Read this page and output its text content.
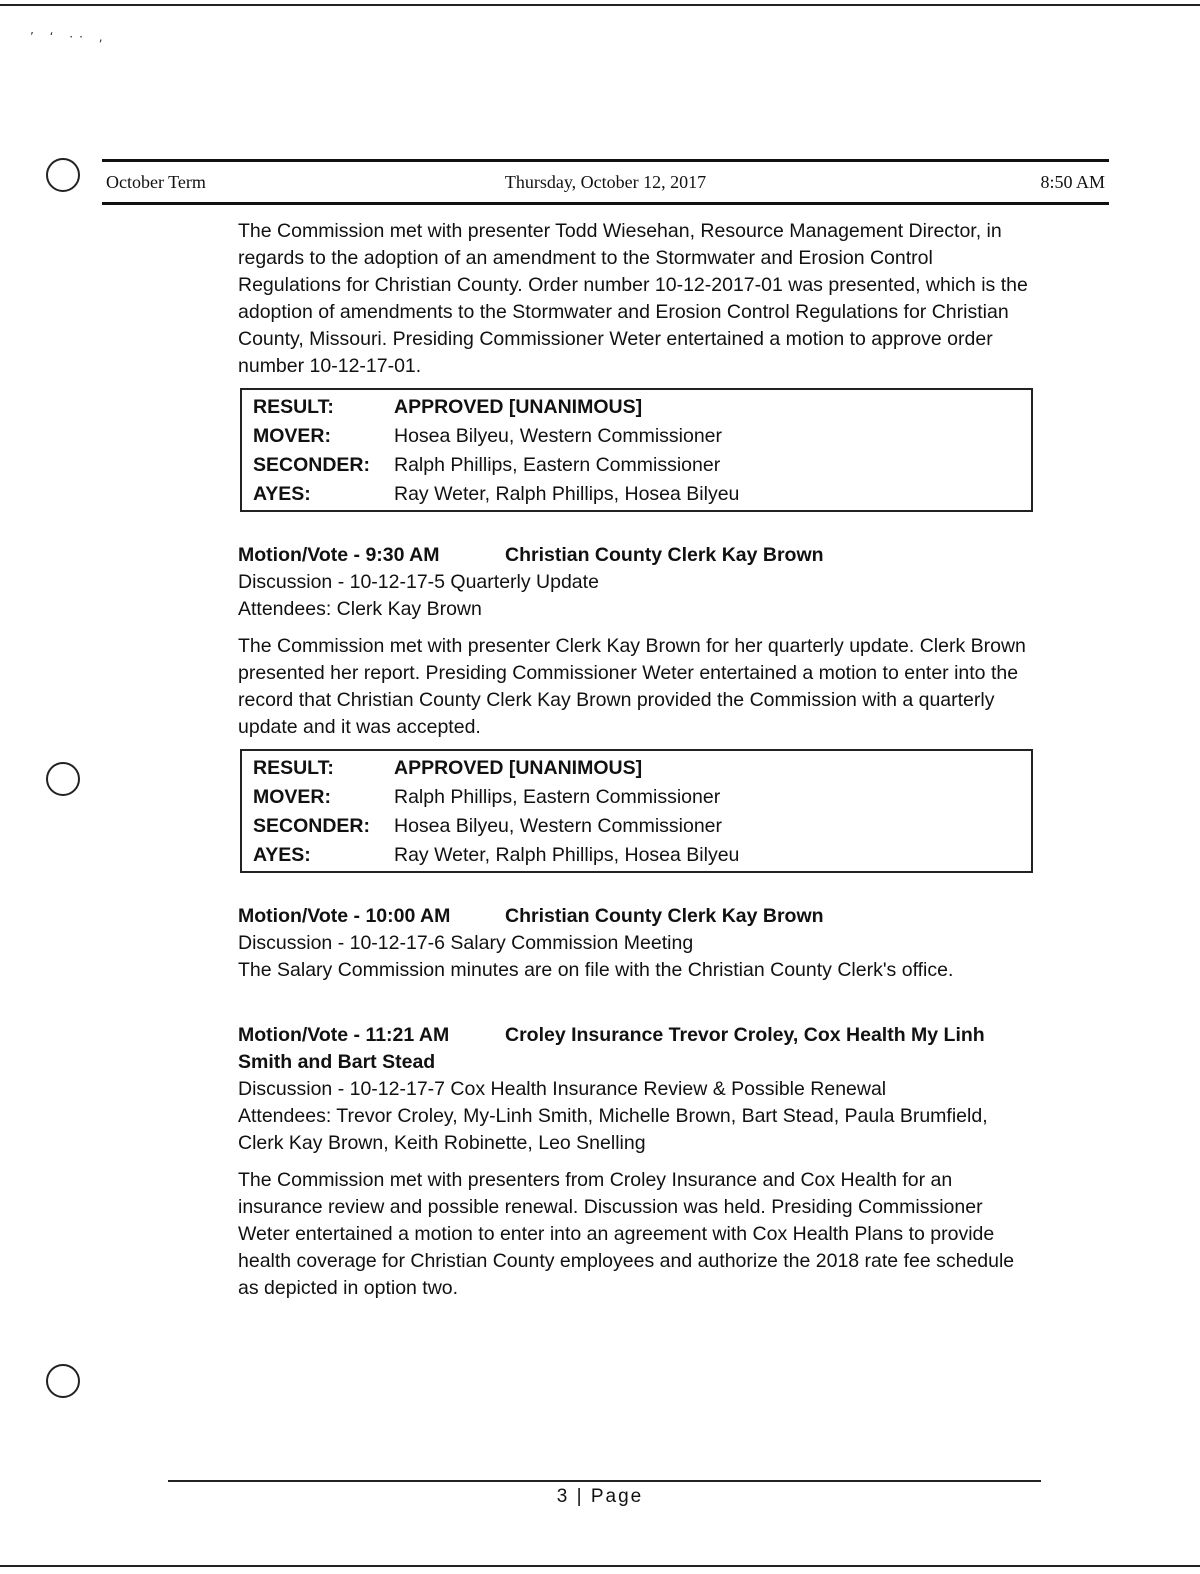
’ ‘ ·· ,
October Term	Thursday, October 12, 2017	8:50 AM

The Commission met with presenter Todd Wiesehan, Resource Management Director, in regards to the adoption of an amendment to the Stormwater and Erosion Control Regulations for Christian County. Order number 10-12-2017-01 was presented, which is the adoption of amendments to the Stormwater and Erosion Control Regulations for Christian County, Missouri. Presiding Commissioner Weter entertained a motion to approve order number 10-12-17-01.

RESULT:	APPROVED [UNANIMOUS]
MOVER:	Hosea Bilyeu, Western Commissioner
SECONDER:	Ralph Phillips, Eastern Commissioner
AYES:	Ray Weter, Ralph Phillips, Hosea Bilyeu

Motion/Vote - 9:30 AM	Christian County Clerk Kay Brown

Discussion - 10-12-17-5 Quarterly Update

Attendees: Clerk Kay Brown

The Commission met with presenter Clerk Kay Brown for her quarterly update. Clerk Brown presented her report. Presiding Commissioner Weter entertained a motion to enter into the record that Christian County Clerk Kay Brown provided the Commission with a quarterly update and it was accepted.

RESULT:	APPROVED [UNANIMOUS]
MOVER:	Ralph Phillips, Eastern Commissioner
SECONDER:	Hosea Bilyeu, Western Commissioner
AYES:	Ray Weter, Ralph Phillips, Hosea Bilyeu

Motion/Vote - 10:00 AM	Christian County Clerk Kay Brown

Discussion - 10-12-17-6 Salary Commission Meeting

The Salary Commission minutes are on file with the Christian County Clerk's office.

Motion/Vote - 11:21 AM	Croley Insurance Trevor Croley, Cox Health My Linh Smith and Bart Stead

Discussion - 10-12-17-7 Cox Health Insurance Review & Possible Renewal

Attendees: Trevor Croley, My-Linh Smith, Michelle Brown, Bart Stead, Paula Brumfield, Clerk Kay Brown, Keith Robinette, Leo Snelling

The Commission met with presenters from Croley Insurance and Cox Health for an insurance review and possible renewal. Discussion was held. Presiding Commissioner Weter entertained a motion to enter into an agreement with Cox Health Plans to provide health coverage for Christian County employees and authorize the 2018 rate fee schedule as depicted in option two.

3 | Page
